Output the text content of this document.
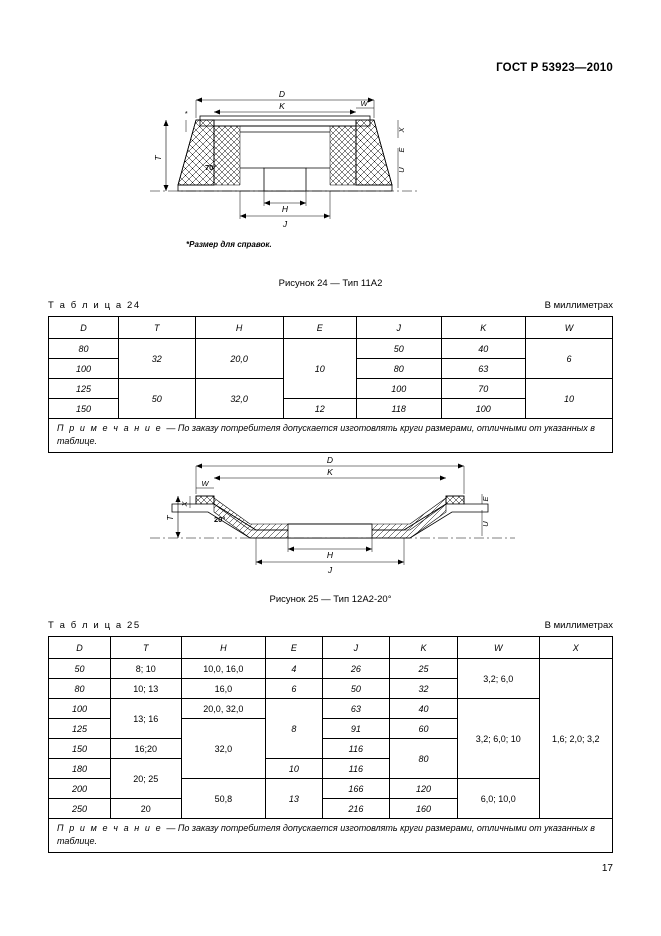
ГОСТ Р 53923—2010
D
K	W
H
J
*
T
X
U
E
70°
*Размер для справок.
Рисунок 24 — Тип 11А2
Т а б л и ц а 24	В миллиметрах
D	T	H	E	J	K	W
80	32	20,0	10	50	40	6
100				80	63	
125	50	32,0		100	70	10
150			12	118	100	
П р и м е ч а н и е — По заказу потребителя допускается изготовлять круги размерами, отличными от указанных в таблице.						
D
K
W
H
J
T
X
E
U
20°
Рисунок 25 — Тип 12А2-20°
Т а б л и ц а 25	В миллиметрах
D	T	H	E	J	K	W	X
50	8; 10	10,0, 16,0	4	26	25	3,2; 6,0	1,6; 2,0; 3,2
80	10; 13	16,0	6	50	32		
100	13; 16	20,0, 32,0	8	63	40	3,2; 6,0; 10	
125		32,0		91	60		
150	16;20			116	80		
180	20; 25		10	116			
200		50,8	13	166	120	6,0; 10,0	
250	20			216	160		
П р и м е ч а н и е — По заказу потребителя допускается изготовлять круги размерами, отличными от указанных в таблице.							
17
